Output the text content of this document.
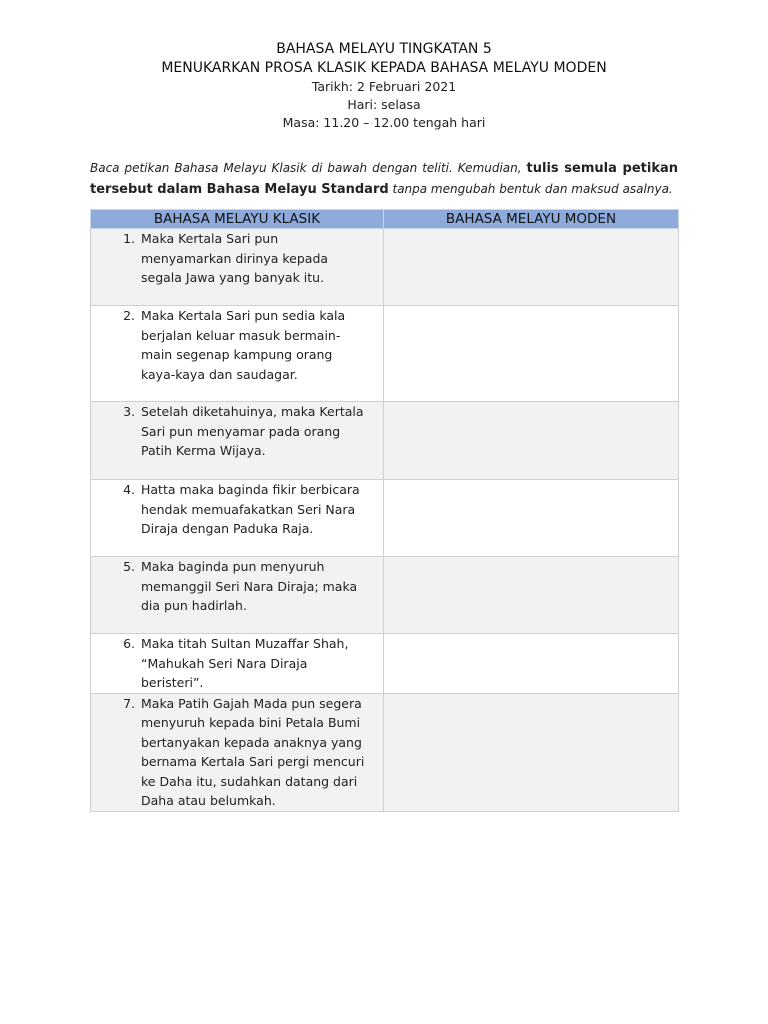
BAHASA MELAYU TINGKATAN 5
MENUKARKAN PROSA KLASIK KEPADA BAHASA MELAYU MODEN
Tarikh: 2 Februari 2021
Hari: selasa
Masa: 11.20 – 12.00 tengah hari
Baca petikan Bahasa Melayu Klasik di bawah dengan teliti. Kemudian, tulis semula petikan tersebut dalam Bahasa Melayu Standard tanpa mengubah bentuk dan maksud asalnya.
BAHASA MELAYU KLASIK	BAHASA MELAYU MODEN

1. Maka Kertala Sari pun menyamarkan dirinya kepada segala Jawa yang banyak itu.	

2. Maka Kertala Sari pun sedia kala berjalan keluar masuk bermain-main segenap kampung orang kaya-kaya dan saudagar.	

3. Setelah diketahuinya, maka Kertala Sari pun menyamar pada orang Patih Kerma Wijaya.	

4. Hatta maka baginda fikir berbicara hendak memuafakatkan Seri Nara Diraja dengan Paduka Raja.	

5. Maka baginda pun menyuruh memanggil Seri Nara Diraja; maka dia pun hadirlah.	

6. Maka titah Sultan Muzaffar Shah, “Mahukah Seri Nara Diraja beristeri”.	

7. Maka Patih Gajah Mada pun segera menyuruh kepada bini Petala Bumi bertanyakan kepada anaknya yang bernama Kertala Sari pergi mencuri ke Daha itu, sudahkan datang dari Daha atau belumkah.	
